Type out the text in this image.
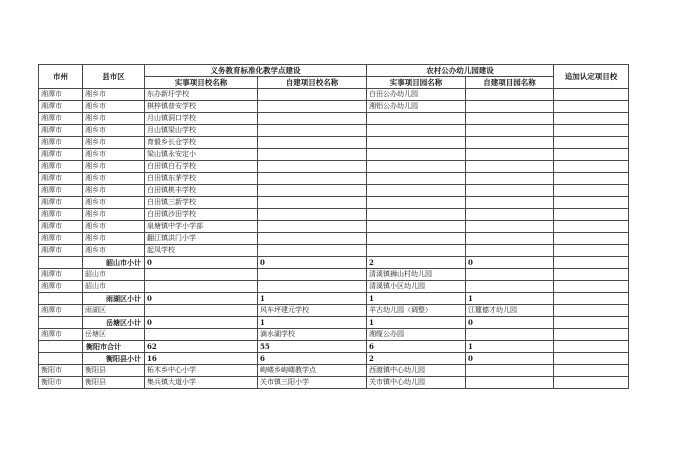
市州	县市区	义务教育标准化教学点建设		农村公办幼儿园建设		追加认定项目校
		实事项目校名称	自建项目校名称	实事项目园名称	自建项目园名称	
湘潭市	湘乡市	东办新圩学校		白田公办幼儿园		
湘潭市	湘乡市	棋梓镇普安学校		湘铝公办幼儿园		
湘潭市	湘乡市	月山镇洞口学校				
湘潭市	湘乡市	月山镇梁山学校				
湘潭市	湘乡市	育毅乡长仓学校				
湘潭市	湘乡市	梁山镇永安定小				
湘潭市	湘乡市	白田镇白石学校				
湘潭市	湘乡市	白田镇东茅学校				
湘潭市	湘乡市	白田镇桃丰学校				
湘潭市	湘乡市	白田镇三新学校				
湘潭市	湘乡市	白田镇沙田学校				
湘潭市	湘乡市	泉塘镇中学小学部				
湘潭市	湘乡市	翻江镇洪门小学				
湘潭市	湘乡市	起凤学校				
	韶山市小计	0	0	2	0	
湘潭市	韶山市			清溪镇狮山村幼儿园		
湘潭市	韶山市			清溪镇小区幼儿园		
	雨湖区小计	0	1	1	1	
湘潭市	雨湖区		风车坪建元学校	羊古幼儿园（调整）	江麓德才幼儿园	
	岳塘区小计	0	1	1	0	
湘潭市	岳塘区		滴水湖学校	湘缆公办园		
	衡阳市合计	62	55	6	1	
	衡阳县小计	16	6	2	0	
衡阳市	衡阳县	柘木乡中心小学	岣嵝乡岣嵝教学点	西渡镇中心幼儿园		
衡阳市	衡阳县	集兵镇大道小学	关市镇三阳小学	关市镇中心幼儿园		
